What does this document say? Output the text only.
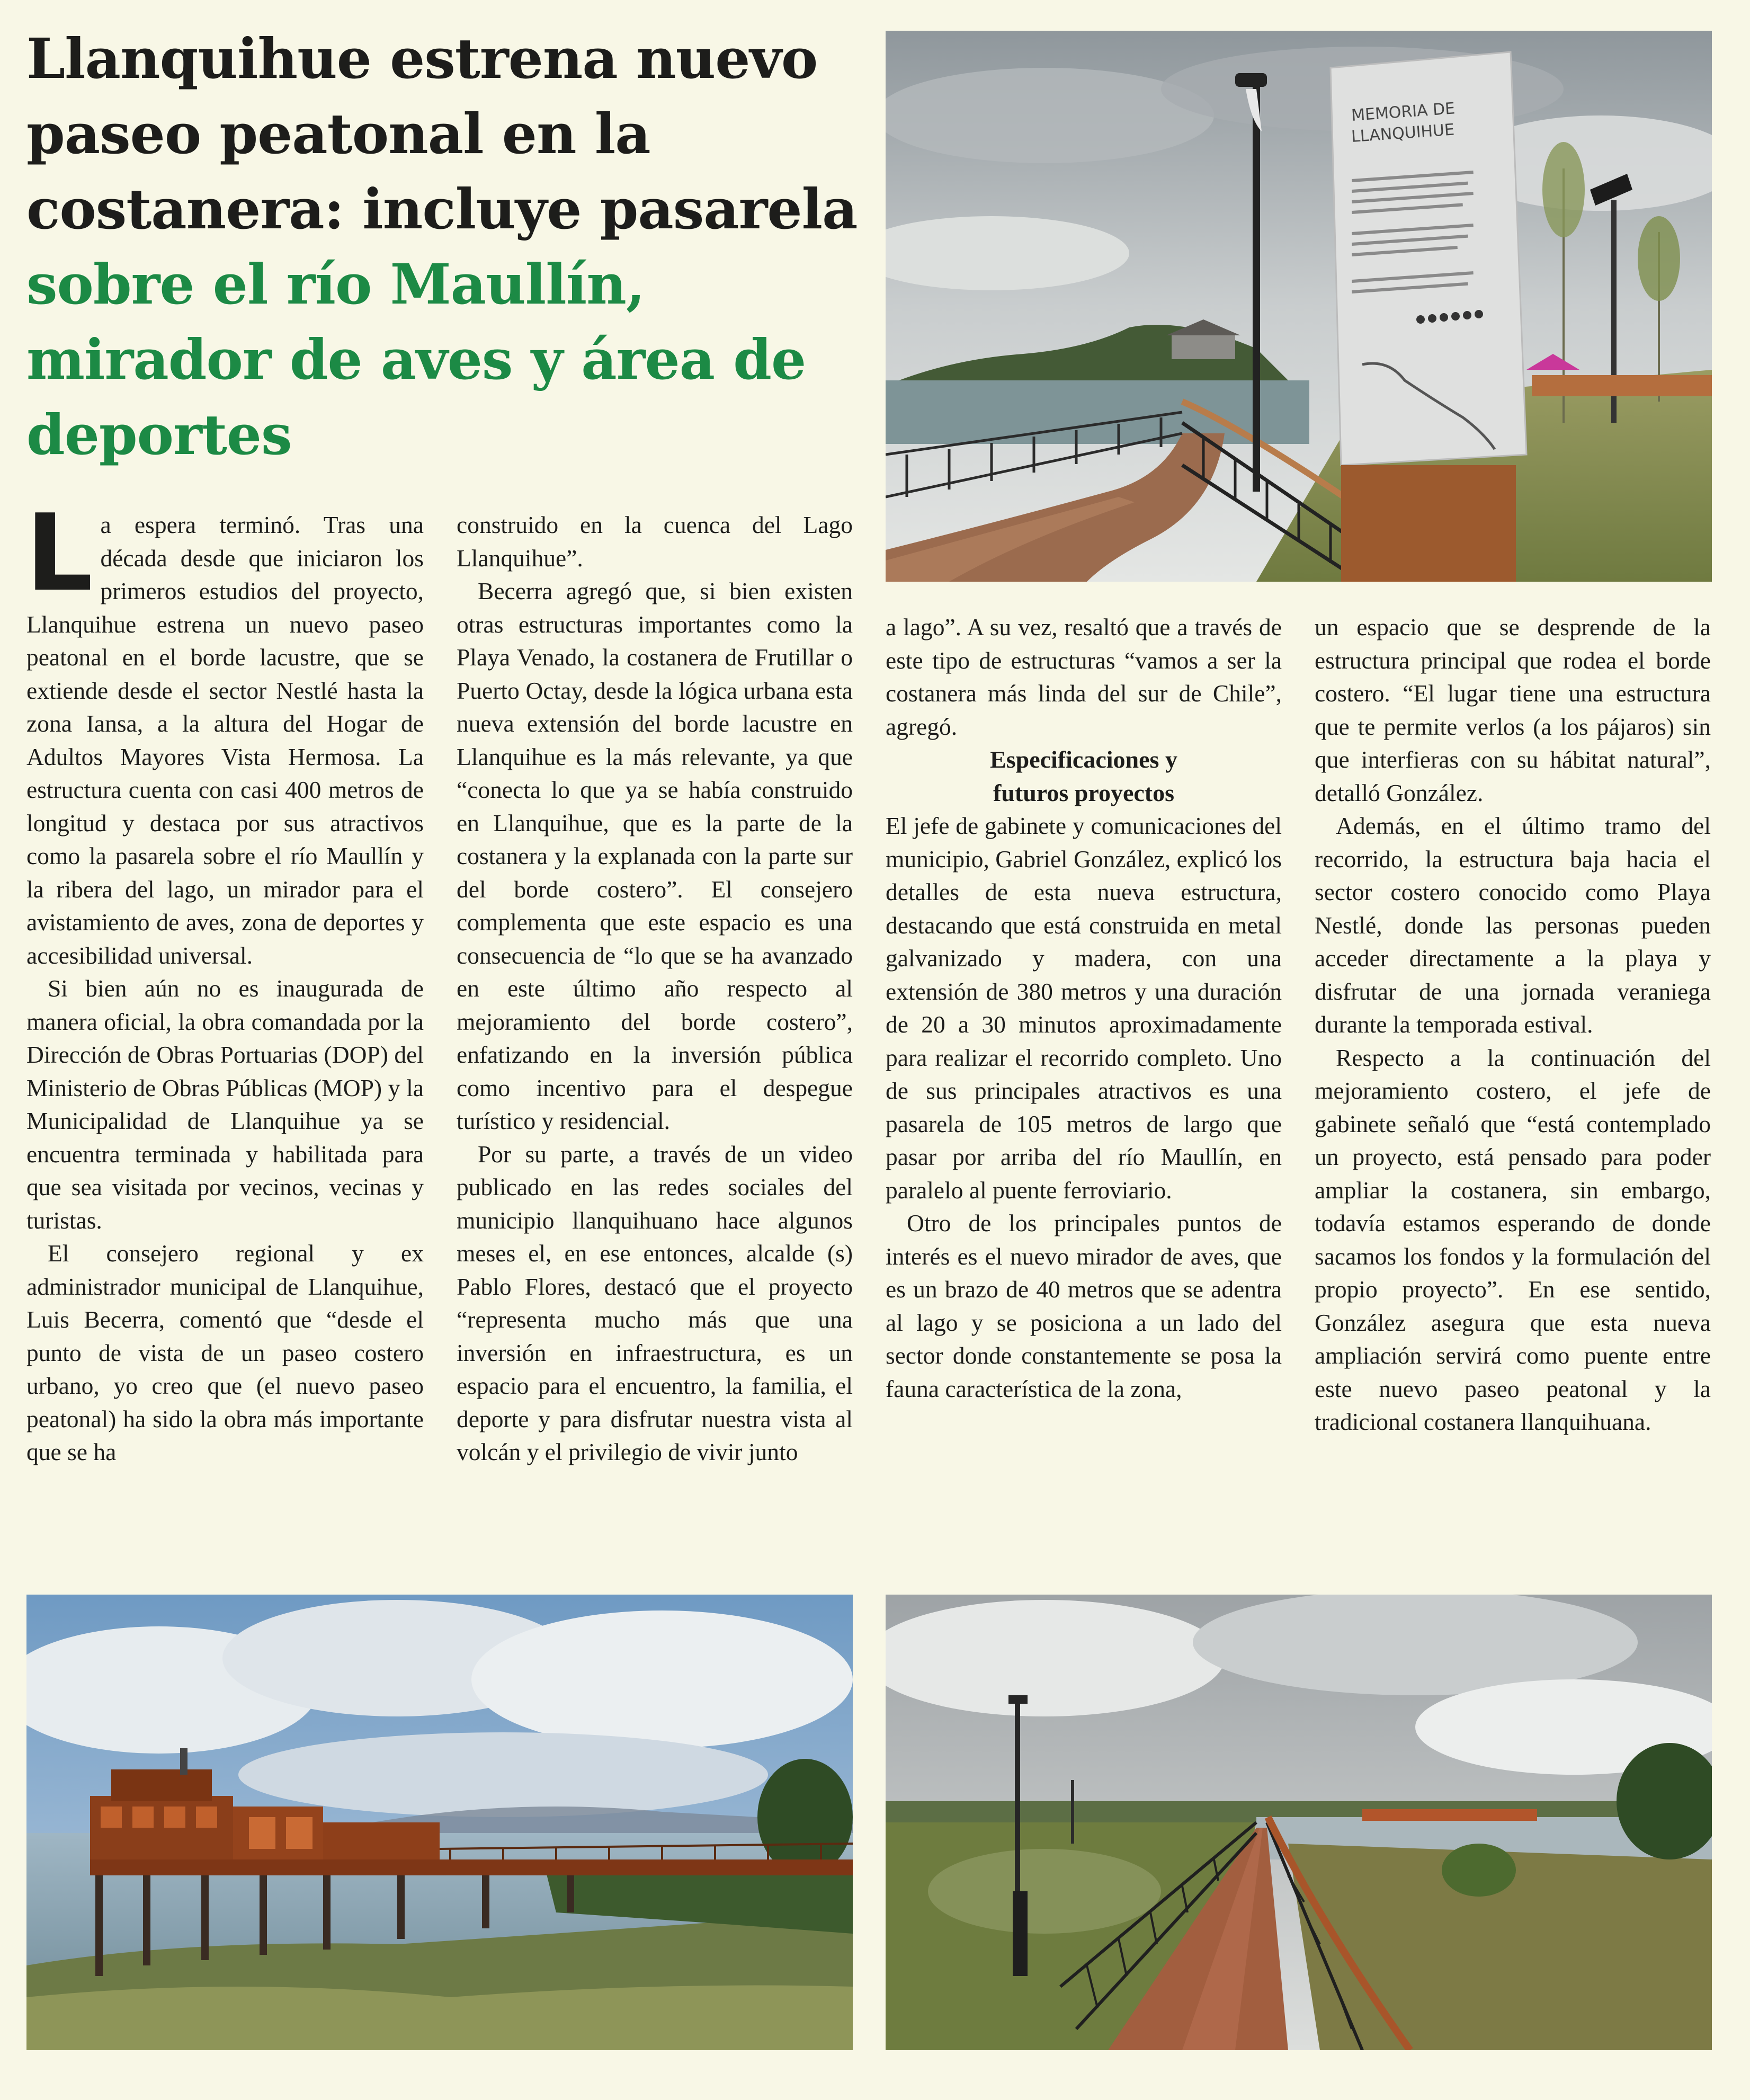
Llanquihue estrena nuevo paseo peatonal en la costanera: incluye pasarela sobre el río Maullín, mirador de aves y área de deportes
MEMORIA DE
LLANQUIHUE

La espera terminó. Tras una década desde que iniciaron los primeros estudios del proyecto, Llanquihue estrena un nuevo paseo peatonal en el borde lacustre, que se extiende desde el sector Nestlé hasta la zona Iansa, a la altura del Hogar de Adultos Mayores Vista Hermosa. La estructura cuenta con casi 400 metros de longitud y destaca por sus atractivos como la pasarela sobre el río Maullín y la ribera del lago, un mirador para el avistamiento de aves, zona de deportes y accesibilidad universal.

Si bien aún no es inaugurada de manera oficial, la obra comandada por la Dirección de Obras Portuarias (DOP) del Ministerio de Obras Públicas (MOP) y la Municipalidad de Llanquihue ya se encuentra terminada y habilitada para que sea visitada por vecinos, vecinas y turistas.

El consejero regional y ex administrador municipal de Llanquihue, Luis Becerra, comentó que “desde el punto de vista de un paseo costero urbano, yo creo que (el nuevo paseo peatonal) ha sido la obra más importante que se ha

construido en la cuenca del Lago Llanquihue”.

Becerra agregó que, si bien existen otras estructuras importantes como la Playa Venado, la costanera de Frutillar o Puerto Octay, desde la lógica urbana esta nueva extensión del borde lacustre en Llanquihue es la más relevante, ya que “conecta lo que ya se había construido en Llanquihue, que es la parte de la costanera y la explanada con la parte sur del borde costero”. El consejero complementa que este espacio es una consecuencia de “lo que se ha avanzado en este último año respecto al mejoramiento del borde costero”, enfatizando en la inversión pública como incentivo para el despegue turístico y residencial.

Por su parte, a través de un video publicado en las redes sociales del municipio llanquihuano hace algunos meses el, en ese entonces, alcalde (s) Pablo Flores, destacó que el proyecto “representa mucho más que una inversión en infraestructura, es un espacio para el encuentro, la familia, el deporte y para disfrutar nuestra vista al volcán y el privilegio de vivir junto

a lago”. A su vez, resaltó que a través de este tipo de estructuras “vamos a ser la costanera más linda del sur de Chile”, agregó.

Especificaciones y
futuros proyectos

El jefe de gabinete y comunicaciones del municipio, Gabriel González, explicó los detalles de esta nueva estructura, destacando que está construida en metal galvanizado y madera, con una extensión de 380 metros y una duración de 20 a 30 minutos aproximadamente para realizar el recorrido completo. Uno de sus principales atractivos es una pasarela de 105 metros de largo que pasar por arriba del río Maullín, en paralelo al puente ferroviario.

Otro de los principales puntos de interés es el nuevo mirador de aves, que es un brazo de 40 metros que se adentra al lago y se posiciona a un lado del sector donde constantemente se posa la fauna característica de la zona,

un espacio que se desprende de la estructura principal que rodea el borde costero. “El lugar tiene una estructura que te permite verlos (a los pájaros) sin que interfieras con su hábitat natural”, detalló González.

Además, en el último tramo del recorrido, la estructura baja hacia el sector costero conocido como Playa Nestlé, donde las personas pueden acceder directamente a la playa y disfrutar de una jornada veraniega durante la temporada estival.

Respecto a la continuación del mejoramiento costero, el jefe de gabinete señaló que “está contemplado un proyecto, está pensado para poder ampliar la costanera, sin embargo, todavía estamos esperando de donde sacamos los fondos y la formulación del propio proyecto”. En ese sentido, González asegura que esta nueva ampliación servirá como puente entre este nuevo paseo peatonal y la tradicional costanera llanquihuana.
